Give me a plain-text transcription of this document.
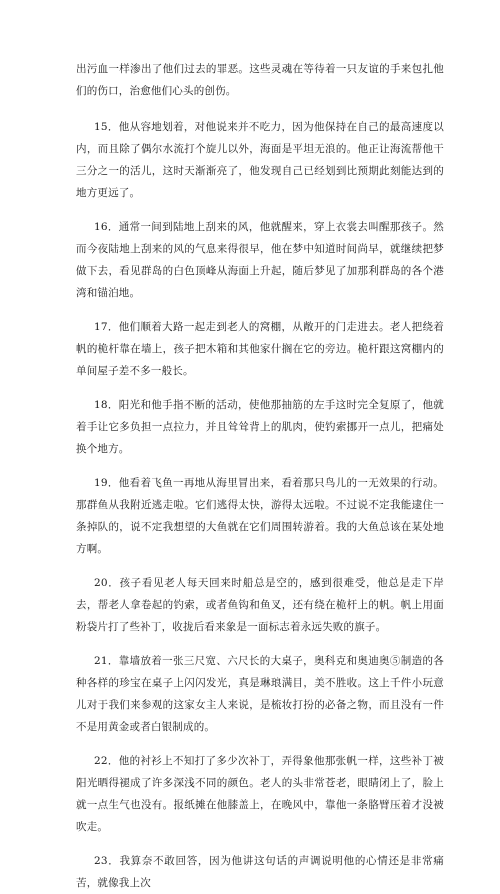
出污血一样渗出了他们过去的罪恶。这些灵魂在等待着一只友谊的手来包扎他们的伤口，治愈他们心头的创伤。

15．他从容地划着，对他说来并不吃力，因为他保持在自己的最高速度以内，而且除了偶尔水流打个旋儿以外，海面是平坦无浪的。他正让海流帮他干三分之一的活儿，这时天渐渐亮了，他发现自己已经划到比预期此刻能达到的地方更远了。

16．通常一间到陆地上刮来的风，他就醒来，穿上衣裳去叫醒那孩子。然而今夜陆地上刮来的风的气息来得很早，他在梦中知道时间尚早，就继续把梦做下去，看见群岛的白色顶峰从海面上升起，随后梦见了加那利群岛的各个港湾和锚泊地。

17．他们顺着大路一起走到老人的窝棚，从敞开的门走进去。老人把绕着帆的桅杆靠在墙上，孩子把木箱和其他家什搁在它的旁边。桅杆跟这窝棚内的单间屋子差不多一般长。

18．阳光和他手指不断的活动，使他那抽筋的左手这时完全复原了，他就着手让它多负担一点拉力，并且耸耸背上的肌肉，使钓索挪开一点儿，把痛处换个地方。

19．他看着飞鱼一再地从海里冒出来，看着那只鸟儿的一无效果的行动。那群鱼从我附近逃走啦。它们逃得太快，游得太远啦。不过说不定我能逮住一条掉队的，说不定我想望的大鱼就在它们周围转游着。我的大鱼总该在某处地方啊。

20．孩子看见老人每天回来时船总是空的，感到很难受，他总是走下岸去，帮老人拿卷起的钓索，或者鱼钩和鱼叉，还有绕在桅杆上的帆。帆上用面粉袋片打了些补丁，收拢后看来象是一面标志着永远失败的旗子。

21．靠墙放着一张三尺宽、六尺长的大桌子，奥科克和奥迪奥⑤制造的各种各样的珍宝在桌子上闪闪发光，真是琳琅满目，美不胜收。这上千件小玩意儿对于我们来参观的这家女主人来说，是梳妆打扮的必备之物，而且没有一件不是用黄金或者白银制成的。

22．他的衬衫上不知打了多少次补丁，弄得象他那张帆一样，这些补丁被阳光晒得褪成了许多深浅不同的颜色。老人的头非常苍老，眼睛闭上了，脸上就一点生气也没有。报纸摊在他膝盖上，在晚风中，靠他一条胳臂压着才没被吹走。

23．我算奈不敢回答，因为他讲这句话的声调说明他的心情还是非常痛苦，就像我上次
